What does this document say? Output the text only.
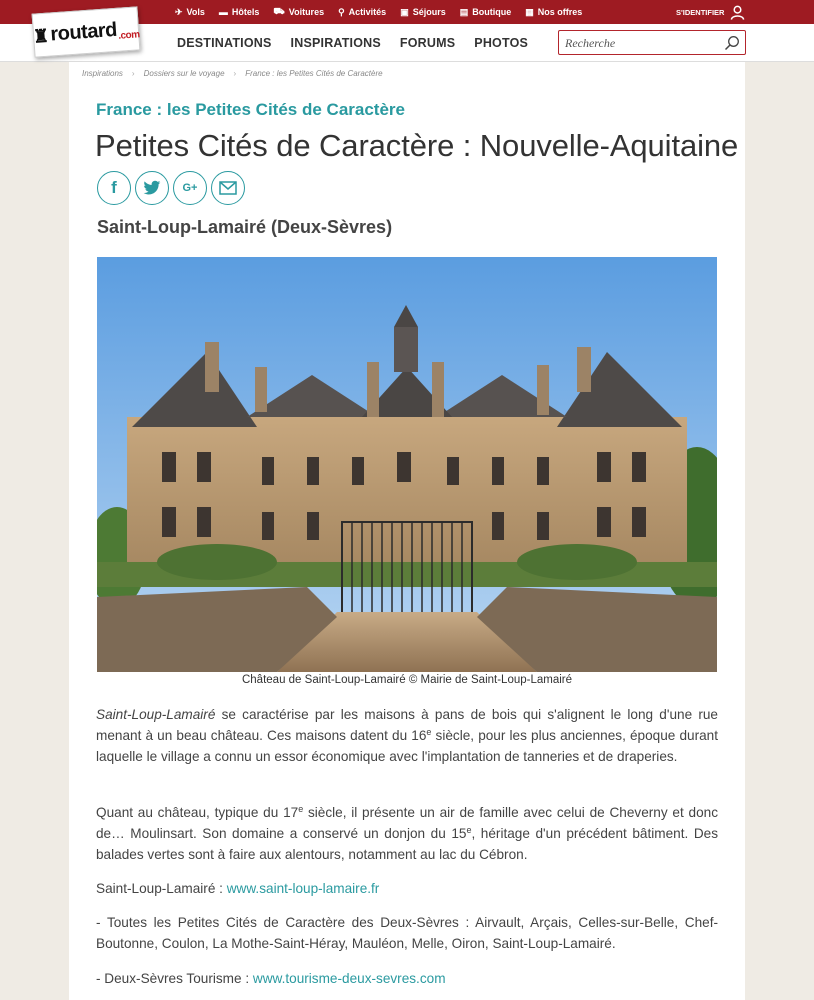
✈ Vols ▬ Hôtels ⛟ Voitures ⚲ Activités ▣ Séjours ▤ Boutique ▦ Nos offres	S'IDENTIFIER
♜ routard .com
DESTINATIONS INSPIRATIONS FORUMS PHOTOS
Recherche
Inspirations › Dossiers sur le voyage › France : les Petites Cités de Caractère
France : les Petites Cités de Caractère
Petites Cités de Caractère : Nouvelle-Aquitaine
f	G+
Saint-Loup-Lamairé (Deux-Sèvres)
Château de Saint-Loup-Lamairé © Mairie de Saint-Loup-Lamairé

Saint-Loup-Lamairé se caractérise par les maisons à pans de bois qui s'alignent le long d'une rue menant à un beau château. Ces maisons datent du 16e siècle, pour les plus anciennes, époque durant laquelle le village a connu un essor économique avec l'implantation de tanneries et de draperies.

Quant au château, typique du 17e siècle, il présente un air de famille avec celui de Cheverny et donc de… Moulinsart. Son domaine a conservé un donjon du 15e, héritage d'un précédent bâtiment. Des balades vertes sont à faire aux alentours, notamment au lac du Cébron.

Saint-Loup-Lamairé : www.saint-loup-lamaire.fr

- Toutes les Petites Cités de Caractère des Deux-Sèvres : Airvault, Arçais, Celles-sur-Belle, Chef-Boutonne, Coulon, La Mothe-Saint-Héray, Mauléon, Melle, Oiron, Saint-Loup-Lamairé.

- Deux-Sèvres Tourisme : www.tourisme-deux-sevres.com
